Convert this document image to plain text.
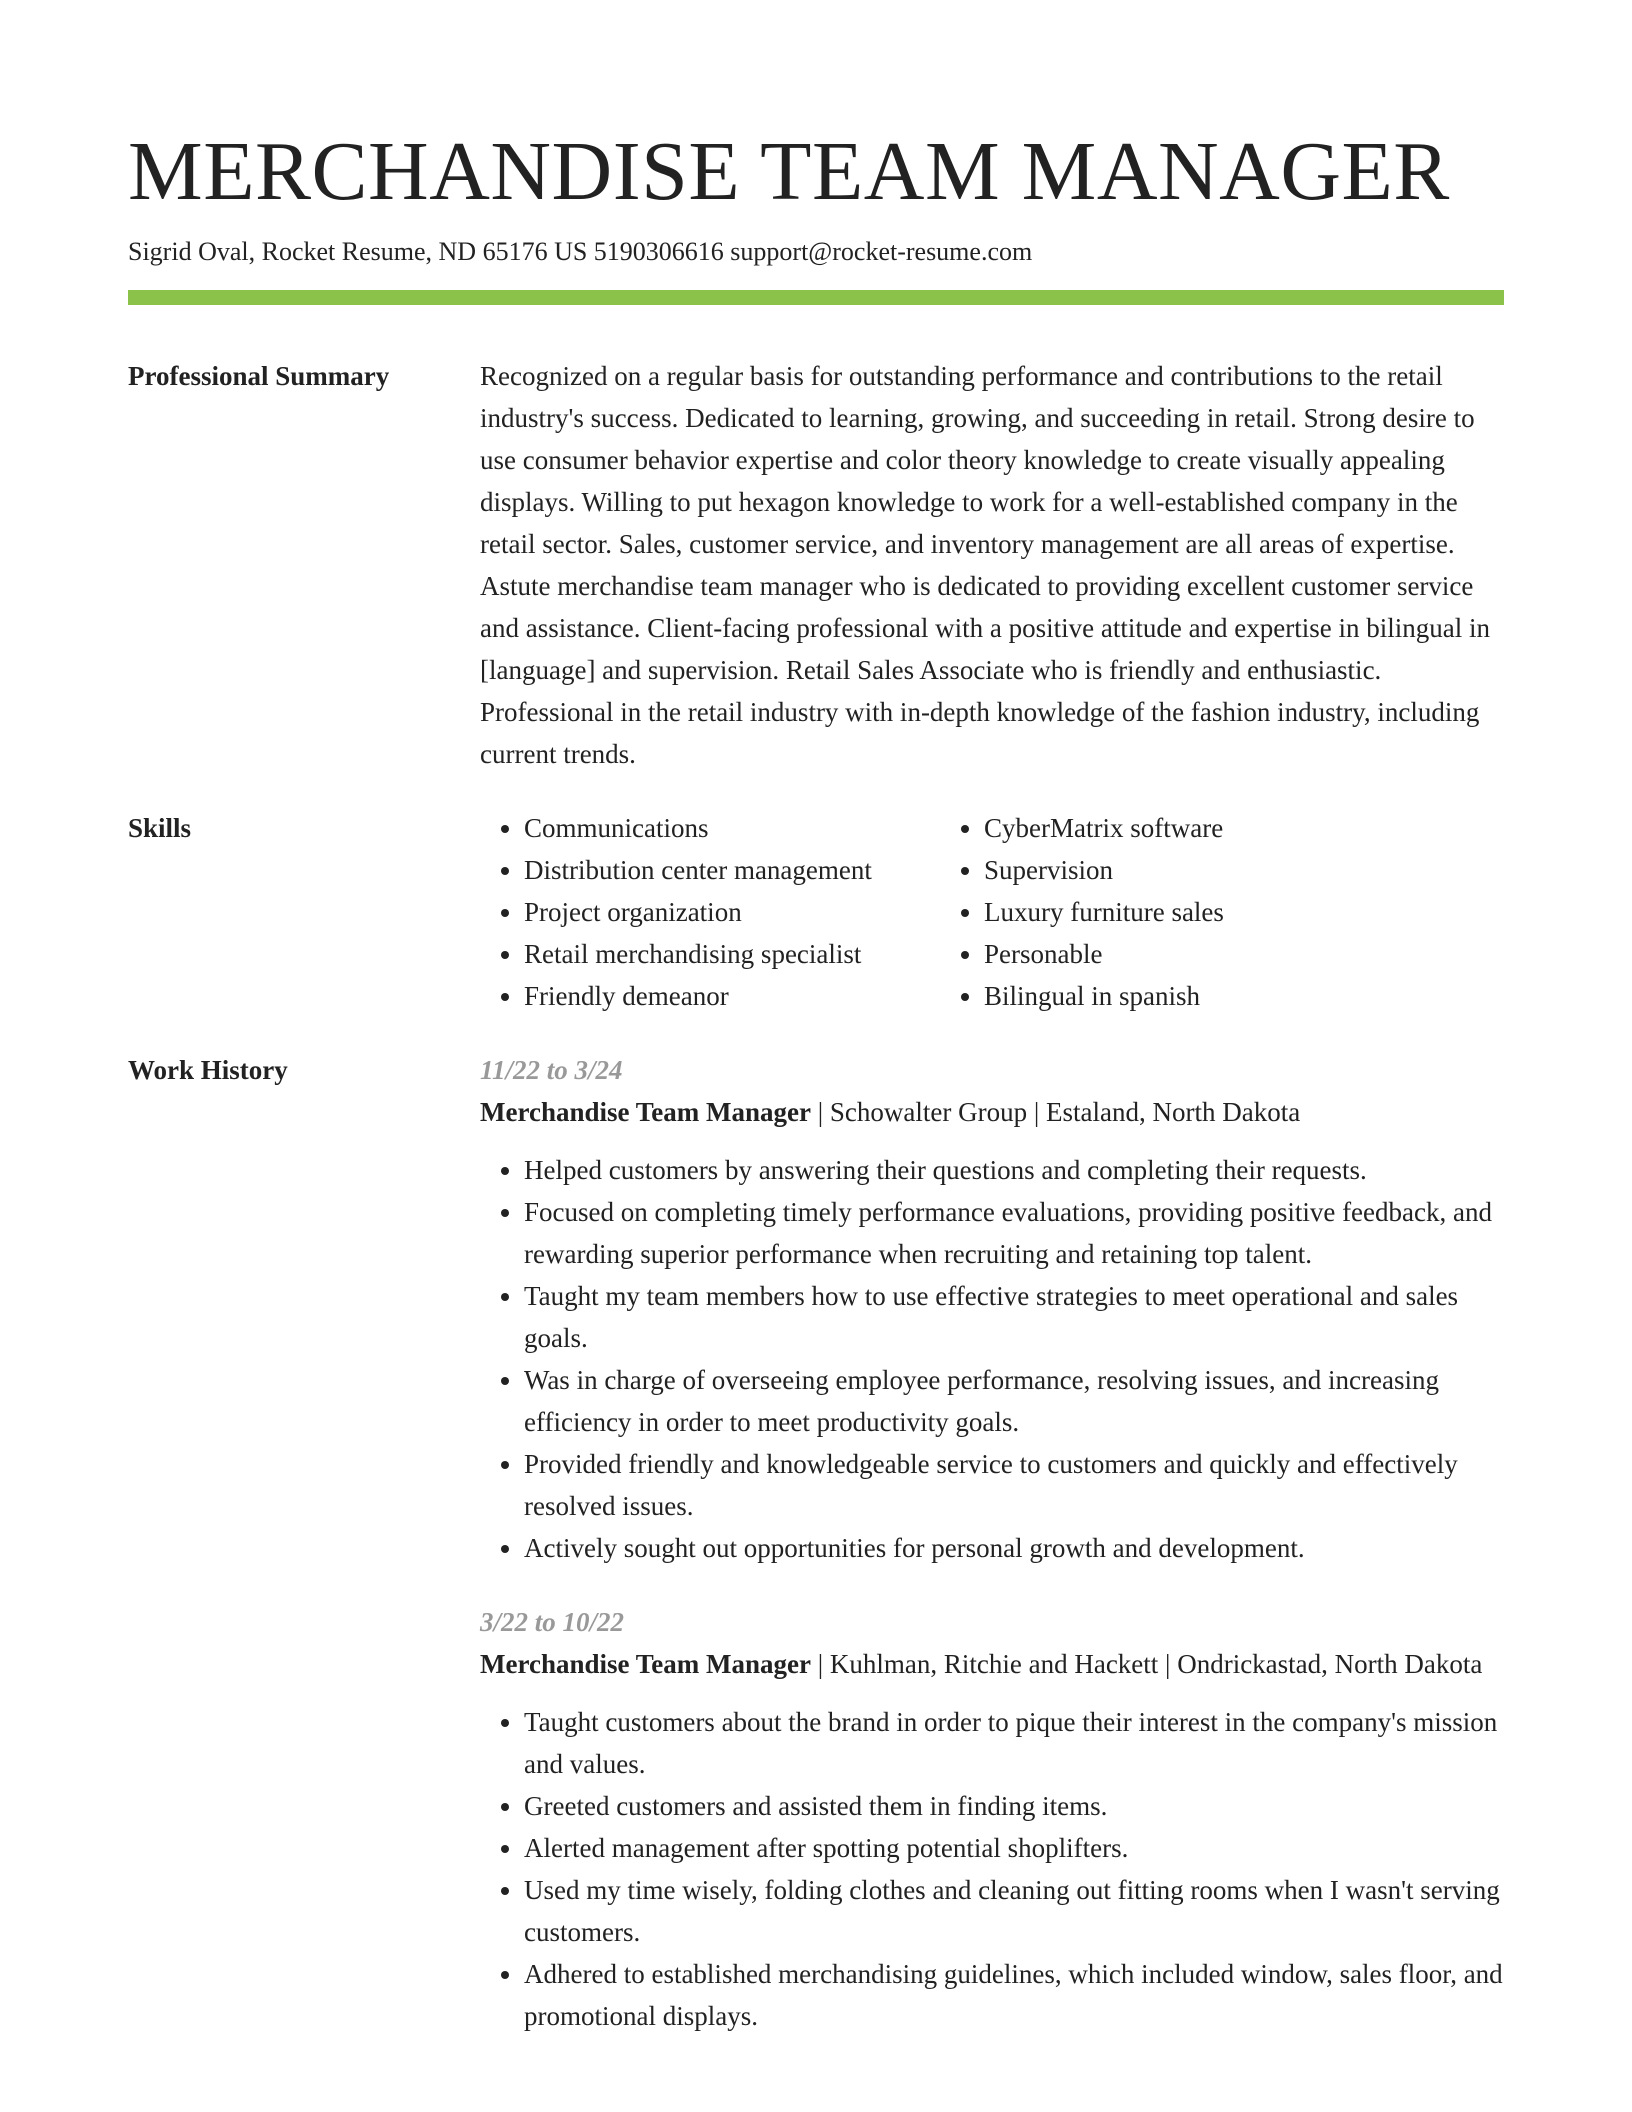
MERCHANDISE TEAM MANAGER
Sigrid Oval, Rocket Resume, ND 65176 US 5190306616 support@rocket-resume.com
Professional Summary	Recognized on a regular basis for outstanding performance and contributions to the retail industry's success. Dedicated to learning, growing, and succeeding in retail. Strong desire to use consumer behavior expertise and color theory knowledge to create visually appealing displays. Willing to put hexagon knowledge to work for a well-established company in the retail sector. Sales, customer service, and inventory management are all areas of expertise. Astute merchandise team manager who is dedicated to providing excellent customer service and assistance. Client-facing professional with a positive attitude and expertise in bilingual in [language] and supervision. Retail Sales Associate who is friendly and enthusiastic. Professional in the retail industry with in-depth knowledge of the fashion industry, including current trends.

Skills
•	Communications
• Distribution center management
• Project organization
• Retail merchandising specialist
• Friendly demeanor
• CyberMatrix software
• Supervision
• Luxury furniture sales
• Personable
• Bilingual in spanish
Work History	11/22 to 3/24
Merchandise Team Manager | Schowalter Group | Estaland, North Dakota
• Helped customers by answering their questions and completing their requests.
• Focused on completing timely performance evaluations, providing positive feedback, and rewarding superior performance when recruiting and retaining top talent.
• Taught my team members how to use effective strategies to meet operational and sales goals.
• Was in charge of overseeing employee performance, resolving issues, and increasing efficiency in order to meet productivity goals.
• Provided friendly and knowledgeable service to customers and quickly and effectively resolved issues.
• Actively sought out opportunities for personal growth and development.
3/22 to 10/22
Merchandise Team Manager | Kuhlman, Ritchie and Hackett | Ondrickastad, North Dakota
• Taught customers about the brand in order to pique their interest in the company's mission and values.
• Greeted customers and assisted them in finding items.
• Alerted management after spotting potential shoplifters.
• Used my time wisely, folding clothes and cleaning out fitting rooms when I wasn't serving customers.
• Adhered to established merchandising guidelines, which included window, sales floor, and promotional displays.
